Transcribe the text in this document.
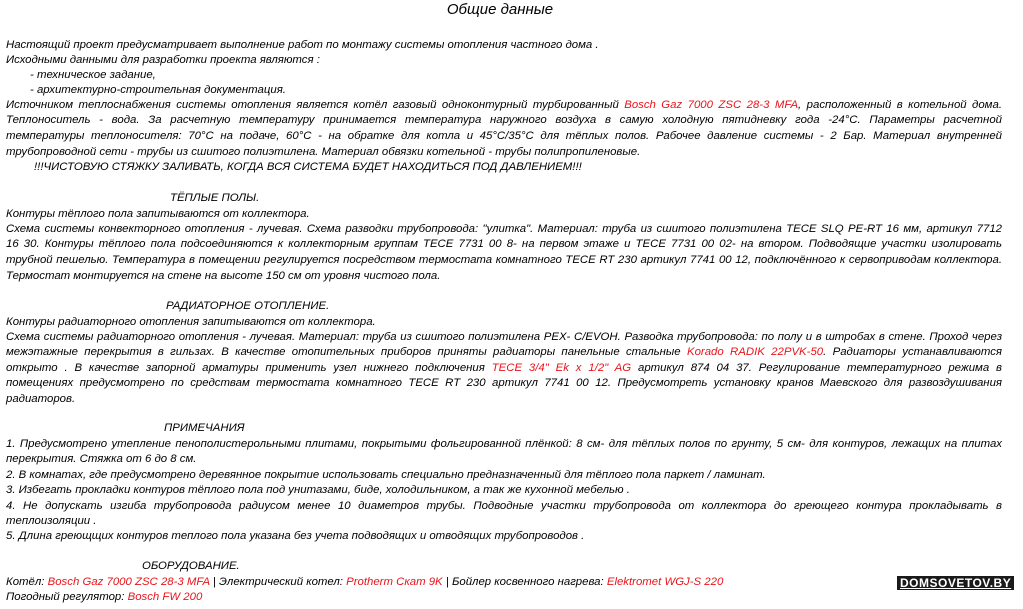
Общие данные
Настоящий проект предусматривает выполнение работ по монтажу системы отопления частного дома .
Исходными данными для разработки проекта являются :
- техническое задание,
- архитектурно-строительная документация.
Источником теплоснабжения системы отопления является котёл газовый одноконтурный турбированный Bosch Gaz 7000 ZSC 28-3 MFA, расположенный в котельной дома.
Теплоноситель - вода. За расчетную температуру принимается температура наружного воздуха в самую холодную пятидневку года -24°С. Параметры расчетной
температуры теплоносителя: 70°С на подаче, 60°С - на обратке для котла и 45°С/35°С для тёплых полов. Рабочее давление системы - 2 Бар. Материал внутренней
трубопроводной сети - трубы из сшитого полиэтилена. Материал обвязки котельной - трубы полипропиленовые.
!!!ЧИСТОВУЮ СТЯЖКУ ЗАЛИВАТЬ, КОГДА ВСЯ СИСТЕМА БУДЕТ НАХОДИТЬСЯ ПОД ДАВЛЕНИЕМ!!!
ТЁПЛЫЕ ПОЛЫ.
Контуры тёплого пола запитываются от коллектора.
Схема системы конвекторного отопления - лучевая. Схема разводки трубопровода: "улитка". Материал: труба из сшитого полиэтилена TECE SLQ PE-RT 16 мм, артикул 7712
16 30. Контуры тёплого пола подсоединяются к коллекторным группам TECE 7731 00 8- на первом этаже и TECE 7731 00 02- на втором. Подводящие участки изолировать
трубной пешелью. Температура в помещении регулируется посредством термостата комнатного TECE RT 230 артикул 7741 00 12, подключённого к сервоприводам коллектора.
Термостат монтируется на стене на высоте 150 см от уровня чистого пола.
РАДИАТОРНОЕ ОТОПЛЕНИЕ.
Контуры радиаторного отопления запитываются от коллектора.
Схема системы радиаторного отопления - лучевая. Материал: труба из сшитого полиэтилена PEX- C/EVOH. Разводка трубопровода: по полу и в штробах в стене. Проход через
межэтажные перекрытия в гильзах. В качестве отопительных приборов приняты радиаторы панельные стальные Korado RADIK 22PVK-50. Радиаторы устанавливаются
открыто . В качестве запорной арматуры применить узел нижнего подключения TECE 3/4" Ek x 1/2" AG артикул 874 04 37. Регулирование температурного режима в
помещениях предусмотрено по средствам термостата комнатного TECE RT 230 артикул 7741 00 12. Предусмотреть установку кранов Маевского для развоздушивания
радиаторов.
ПРИМЕЧАНИЯ
1. Предусмотрено утепление пенополистерольными плитами, покрытыми фольгированной плёнкой: 8 см- для тёплых полов по грунту, 5 см- для контуров, лежащих на плитах
перекрытия. Стяжка от 6 до 8 см.
2. В комнатах, где предусмотрено деревянное покрытие использовать специально предназначенный для тёплого пола паркет / ламинат.
3. Избегать прокладки контуров тёплого пола под унитазами, биде, холодильником, а так же кухонной мебелью .
4. Не допускать изгиба трубопровода радиусом менее 10 диаметров трубы. Подводные участки трубопровода от коллектора до греющего контура прокладывать в
теплоизоляции .
5. Длина греющщих контуров теплого пола указана без учета подводящих и отводящих трубопроводов .
ОБОРУДОВАНИЕ.
Котёл: Bosch Gaz 7000 ZSC 28-3 MFA | Электрический котел: Protherm Скат 9K | Бойлер косвенного нагрева: Elektromet WGJ-S 220
Погодный регулятор: Bosch FW 200
DOMSOVETOV.BY
